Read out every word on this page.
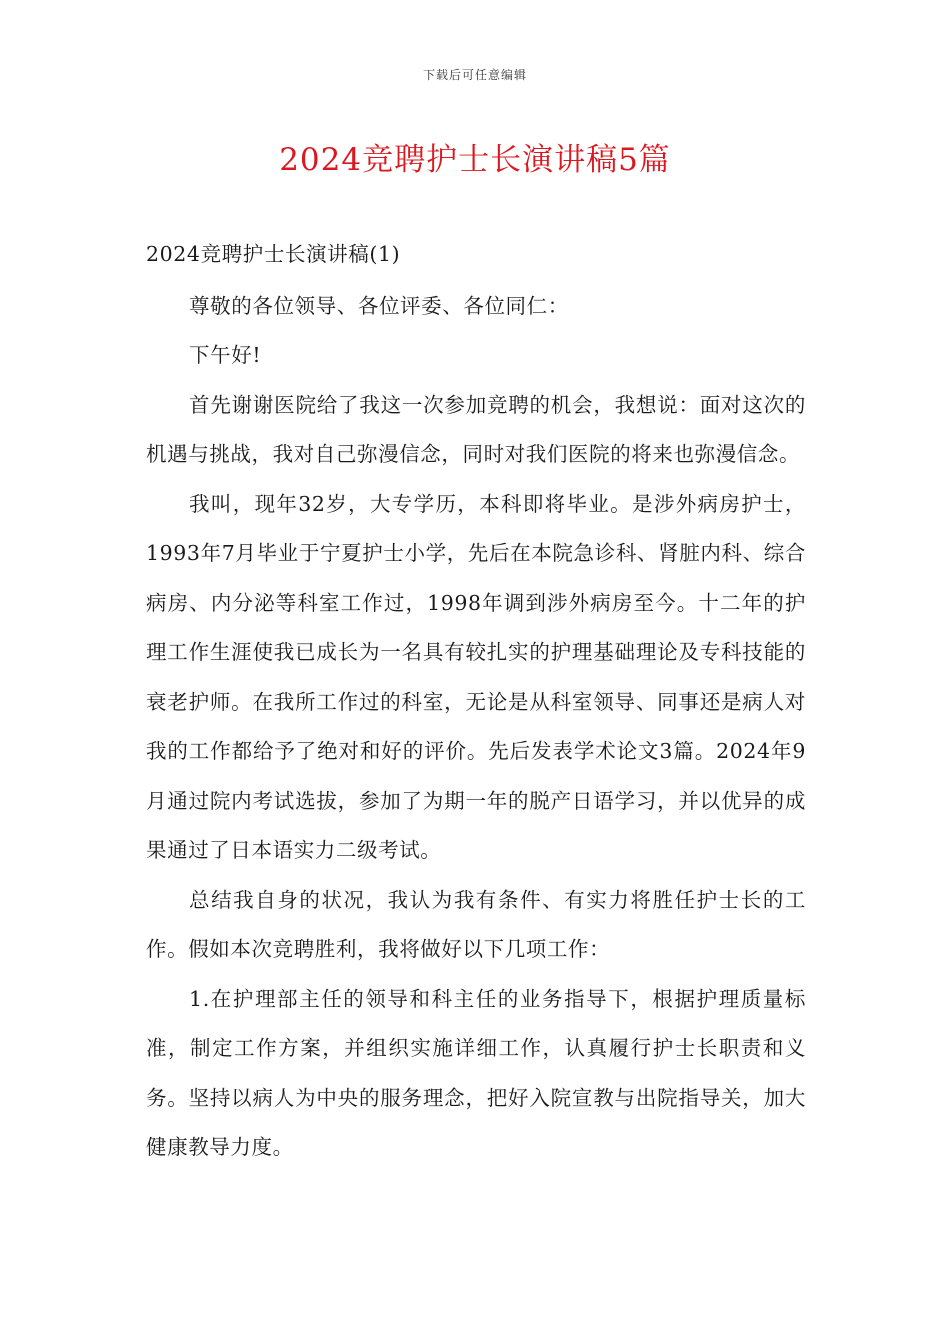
下载后可任意编辑
2024竞聘护士长演讲稿5篇

2024竞聘护士长演讲稿(1)

尊敬的各位领导、各位评委、各位同仁：

下午好!

首先谢谢医院给了我这一次参加竞聘的机会，我想说：面对这次的机遇与挑战，我对自己弥漫信念，同时对我们医院的将来也弥漫信念。

我叫，现年32岁，大专学历，本科即将毕业。是涉外病房护士，1993年7月毕业于宁夏护士小学，先后在本院急诊科、肾脏内科、综合病房、内分泌等科室工作过，1998年调到涉外病房至今。十二年的护理工作生涯使我已成长为一名具有较扎实的护理基础理论及专科技能的衰老护师。在我所工作过的科室，无论是从科室领导、同事还是病人对我的工作都给予了绝对和好的评价。先后发表学术论文3篇。2024年9月通过院内考试选拔，参加了为期一年的脱产日语学习，并以优异的成果通过了日本语实力二级考试。

总结我自身的状况，我认为我有条件、有实力将胜任护士长的工作。假如本次竞聘胜利，我将做好以下几项工作：

1.在护理部主任的领导和科主任的业务指导下，根据护理质量标准，制定工作方案，并组织实施详细工作，认真履行护士长职责和义务。坚持以病人为中央的服务理念，把好入院宣教与出院指导关，加大健康教导力度。
